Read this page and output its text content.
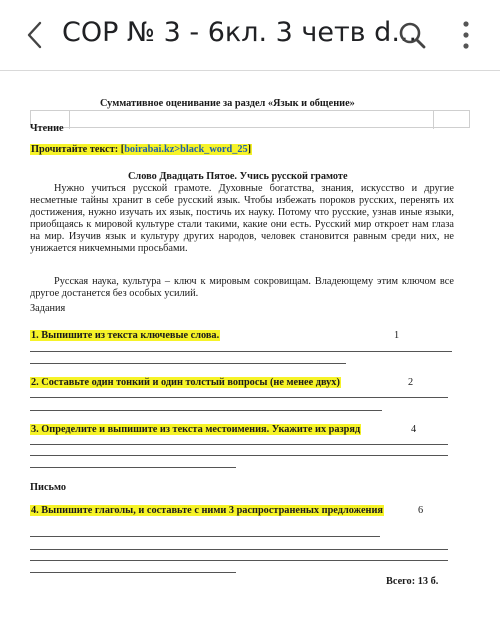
СОР № 3 - 6кл. 3 четв d...
Суммативное оценивание за раздел «Язык и общение»
Чтение
Прочитайте текст: [boirabai.kz>black_word_25]
Слово Двадцать Пятое. Учись русской грамоте
Нужно учиться русской грамоте. Духовные богатства, знания, искусство и другие несметные тайны хранит в себе русский язык. Чтобы избежать пороков русских, перенять их достижения, нужно изучать их язык, постичь их науку. Потому что русские, узнав иные языки, приобщаясь к мировой культуре стали такими, какие они есть. Русский мир откроет нам глаза на мир. Изучив язык и культуру других народов, человек становится равным среди них, не унижается никчемными просьбами.
Русская наука, культура – ключ к мировым сокровищам. Владеющему этим ключом все другое достанется без особых усилий.
Задания
1. Выпишите из текста ключевые слова.	1
2. Составьте один тонкий и один толстый вопросы (не менее двух)	2
3. Определите и выпишите из текста местоимения. Укажите их разряд	4
Письмо
4. Выпишите глаголы, и составьте с ними 3 распространеных предложения	6
Всего: 13 б.
